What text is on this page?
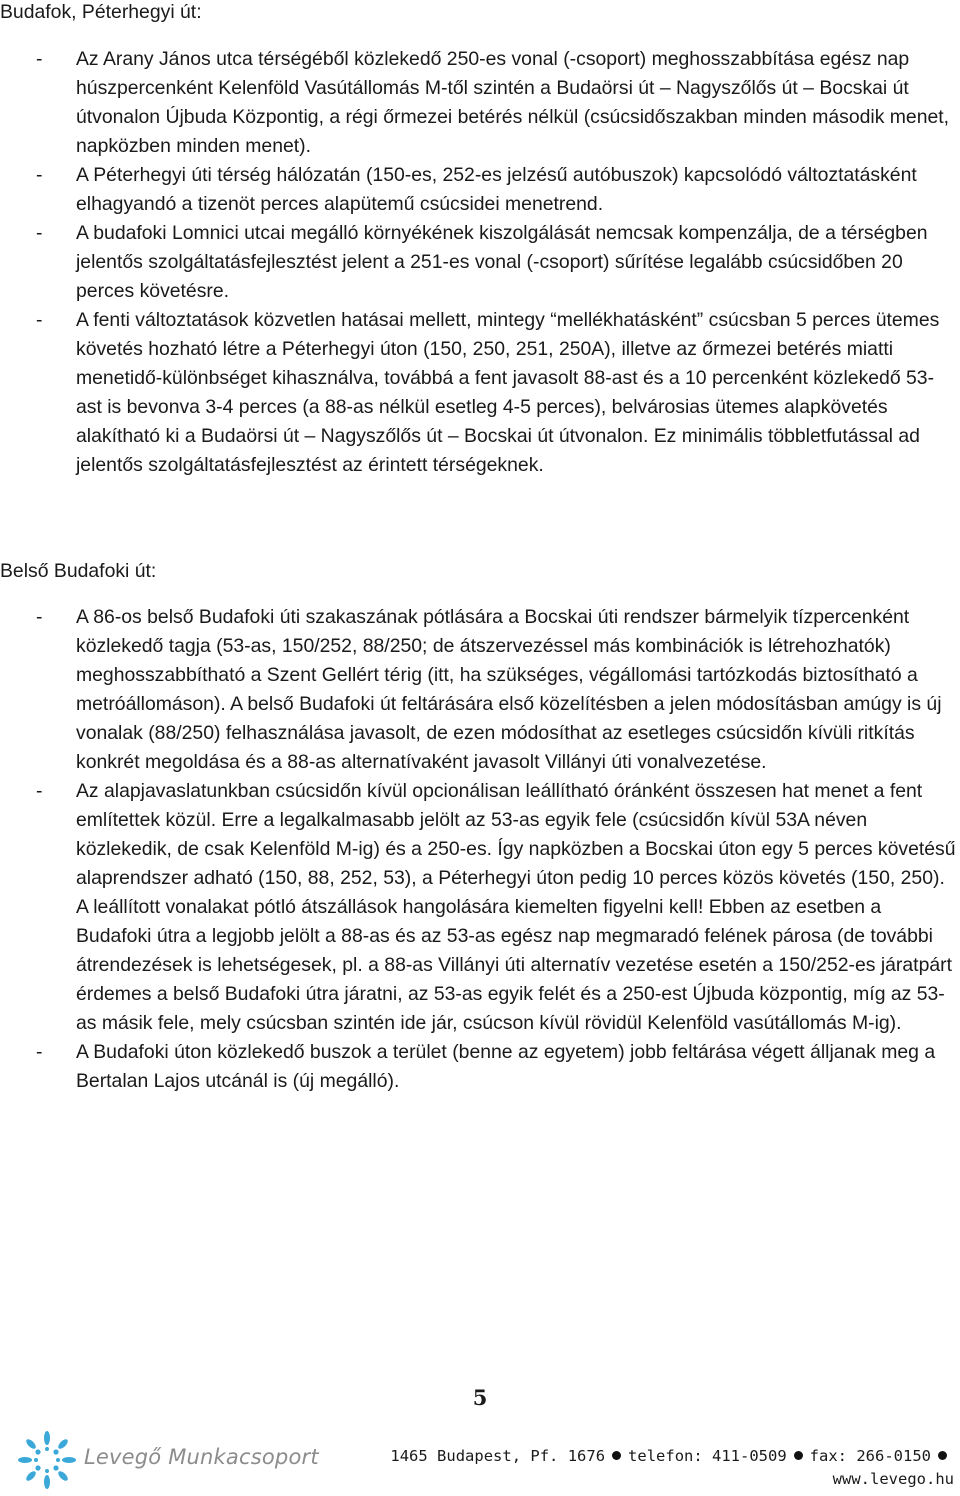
Budafok, Péterhegyi út:
- Az Arany János utca térségéből közlekedő 250-es vonal (-csoport) meghosszabbítása egész nap húszpercenként Kelenföld Vasútállomás M-től szintén a Budaörsi út – Nagyszőlős út – Bocskai út útvonalon Újbuda Központig, a régi őrmezei betérés nélkül (csúcsidőszakban minden második menet, napközben minden menet).
- A Péterhegyi úti térség hálózatán (150-es, 252-es jelzésű autóbuszok) kapcsolódó változtatásként elhagyandó a tizenöt perces alapütemű csúcsidei menetrend.
- A budafoki Lomnici utcai megálló környékének kiszolgálását nemcsak kompenzálja, de a térségben jelentős szolgáltatásfejlesztést jelent a 251-es vonal (-csoport) sűrítése legalább csúcsidőben 20 perces követésre.
- A fenti változtatások közvetlen hatásai mellett, mintegy “mellékhatásként” csúcsban 5 perces ütemes követés hozható létre a Péterhegyi úton (150, 250, 251, 250A), illetve az őrmezei betérés miatti menetidő-különbséget kihasználva, továbbá a fent javasolt 88-ast és a 10 percenként közlekedő 53-ast is bevonva 3-4 perces (a 88-as nélkül esetleg 4-5 perces), belvárosias ütemes alapkövetés alakítható ki a Budaörsi út – Nagyszőlős út – Bocskai út útvonalon. Ez minimális többletfutással ad jelentős szolgáltatásfejlesztést az érintett térségeknek.
Belső Budafoki út:
- A 86-os belső Budafoki úti szakaszának pótlására a Bocskai úti rendszer bármelyik tízpercenként közlekedő tagja (53-as, 150/252, 88/250; de átszervezéssel más kombinációk is létrehozhatók) meghosszabbítható a Szent Gellért térig (itt, ha szükséges, végállomási tartózkodás biztosítható a metróállomáson). A belső Budafoki út feltárására első közelítésben a jelen módosításban amúgy is új vonalak (88/250) felhasználása javasolt, de ezen módosíthat az esetleges csúcsidőn kívüli ritkítás konkrét megoldása és a 88-as alternatívaként javasolt Villányi úti vonalvezetése.
- Az alapjavaslatunkban csúcsidőn kívül opcionálisan leállítható óránként összesen hat menet a fent említettek közül. Erre a legalkalmasabb jelölt az 53-as egyik fele (csúcsidőn kívül 53A néven közlekedik, de csak Kelenföld M-ig) és a 250-es. Így napközben a Bocskai úton egy 5 perces követésű alaprendszer adható (150, 88, 252, 53), a Péterhegyi úton pedig 10 perces közös követés (150, 250). A leállított vonalakat pótló átszállások hangolására kiemelten figyelni kell! Ebben az esetben a Budafoki útra a legjobb jelölt a 88-as és az 53-as egész nap megmaradó felének párosa (de további átrendezések is lehetségesek, pl. a 88-as Villányi úti alternatív vezetése esetén a 150/252-es járatpárt érdemes a belső Budafoki útra járatni, az 53-as egyik felét és a 250-est Újbuda központig, míg az 53-as másik fele, mely csúcsban szintén ide jár, csúcson kívül rövidül Kelenföld vasútállomás M-ig).
- A Budafoki úton közlekedő buszok a terület (benne az egyetem) jobb feltárása végett álljanak meg a Bertalan Lajos utcánál is (új megálló).
5
Levegő Munkacsoport	1465 Budapest, Pf. 1676 telefon: 411-0509 fax: 266-0150
www.levego.hu
